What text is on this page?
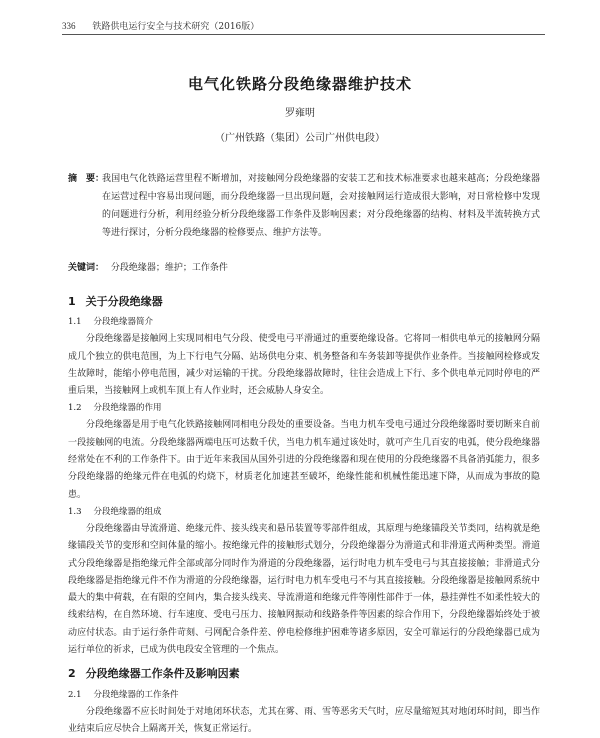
336 铁路供电运行安全与技术研究（2016版）
电气化铁路分段绝缘器维护技术
罗雍明
（广州铁路（集团）公司广州供电段）
摘　要：
我国电气化铁路运营里程不断增加，对接触网分段绝缘器的安装工艺和技术标准要求也越来越高；分段绝缘器在运营过程中容易出现问题，而分段绝缘器一旦出现问题，会对接触网运行造成很大影响，对日常检修中发现的问题进行分析，利用经验分析分段绝缘器工作条件及影响因素；对分段绝缘器的结构、材料及半流转换方式等进行探讨，分析分段绝缘器的检修要点、维护方法等。
关键词： 分段绝缘器；维护；工作条件
1 关于分段绝缘器
1.1 分段绝缘器简介

分段绝缘器是接触网上实现同相电气分段、使受电弓平滑通过的重要绝缘设备。它将同一相供电单元的接触网分隔成几个独立的供电范围，为上下行电气分隔、站场供电分束、机务整备和车务装卸等提供作业条件。当接触网检修或发生故障时，能缩小停电范围，减少对运输的干扰。分段绝缘器故障时，往往会造成上下行、多个供电单元同时停电的严重后果，当接触网上或机车顶上有人作业时，还会威胁人身安全。

1.2 分段绝缘器的作用

分段绝缘器是用于电气化铁路接触网同相电分段处的重要设备。当电力机车受电弓通过分段绝缘器时要切断来自前一段接触网的电流。分段绝缘器两端电压可达数千伏，当电力机车通过该处时，就可产生几百安的电弧，使分段绝缘器经常处在不利的工作条件下。由于近年来我国从国外引进的分段绝缘器和现在使用的分段绝缘器不具备消弧能力，很多分段绝缘器的绝缘元件在电弧的灼烧下，材质老化加速甚至破坏，绝缘性能和机械性能迅速下降，从而成为事故的隐患。

1.3 分段绝缘器的组成

分段绝缘器由导流滑道、绝缘元件、接头线夹和悬吊装置等零部件组成，其原理与绝缘锚段关节类同，结构就是绝缘锚段关节的变形和空间体量的缩小。按绝缘元件的接触形式划分，分段绝缘器分为滑道式和非滑道式两种类型。滑道式分段绝缘器是指绝缘元件全部或部分同时作为滑道的分段绝缘器，运行时电力机车受电弓与其直接接触；非滑道式分段绝缘器是指绝缘元件不作为滑道的分段绝缘器，运行时电力机车受电弓不与其直接接触。分段绝缘器是接触网系统中最大的集中荷载，在有限的空间内，集合接头线夹、导流滑道和绝缘元件等刚性部件于一体，悬挂弹性不如柔性较大的线索结构，在自然环境、行车速度、受电弓压力、接触网振动和线路条件等因素的综合作用下，分段绝缘器始终处于被动应付状态。由于运行条件苛刻、弓网配合条件差、停电检修维护困难等诸多原因，安全可靠运行的分段绝缘器已成为运行单位的祈求，已成为供电段安全管理的一个焦点。

2 分段绝缘器工作条件及影响因素
2.1 分段绝缘器的工作条件

分段绝缘器不应长时间处于对地闭环状态，尤其在雾、雨、雪等恶劣天气时，应尽量缩短其对地闭环时间，即当作业结束后应尽快合上隔离开关，恢复正常运行。
